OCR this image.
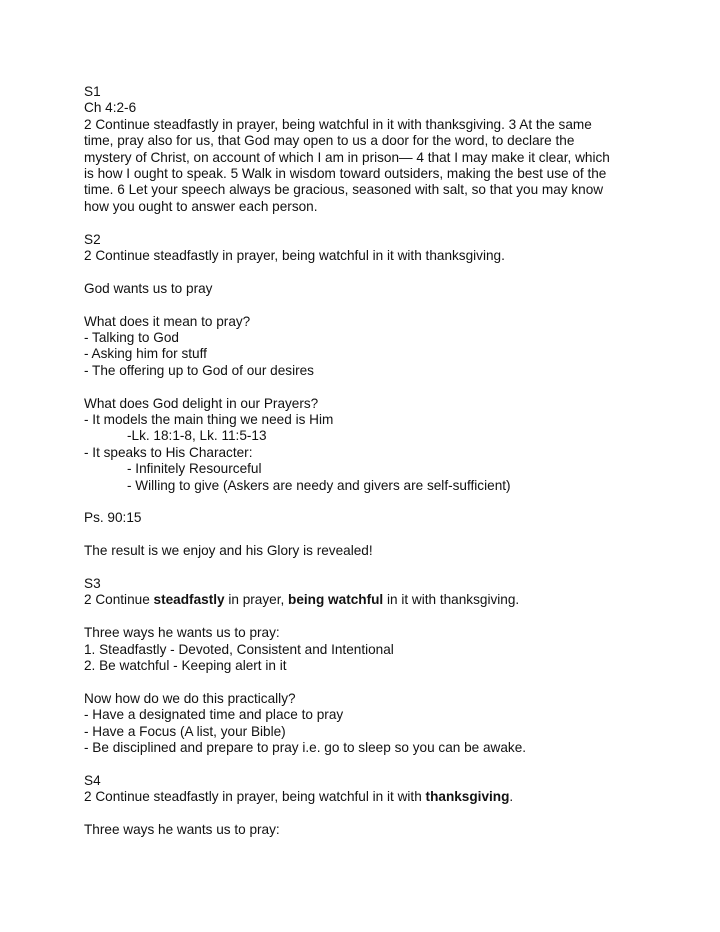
S1
Ch 4:2-6
2 Continue steadfastly in prayer, being watchful in it with thanksgiving. 3 At the same
time, pray also for us, that God may open to us a door for the word, to declare the
mystery of Christ, on account of which I am in prison— 4 that I may make it clear, which
is how I ought to speak. 5 Walk in wisdom toward outsiders, making the best use of the
time. 6 Let your speech always be gracious, seasoned with salt, so that you may know
how you ought to answer each person.
S2
2 Continue steadfastly in prayer, being watchful in it with thanksgiving.
God wants us to pray
What does it mean to pray?
- Talking to God
- Asking him for stuff
- The offering up to God of our desires
What does God delight in our Prayers?
- It models the main thing we need is Him
-Lk. 18:1-8, Lk. 11:5-13
- It speaks to His Character:
- Infinitely Resourceful
- Willing to give (Askers are needy and givers are self-sufficient)
Ps. 90:15
The result is we enjoy and his Glory is revealed!
S3
2 Continue steadfastly in prayer, being watchful in it with thanksgiving.
Three ways he wants us to pray:
1. Steadfastly - Devoted, Consistent and Intentional
2. Be watchful - Keeping alert in it
Now how do we do this practically?
- Have a designated time and place to pray
- Have a Focus (A list, your Bible)
- Be disciplined and prepare to pray i.e. go to sleep so you can be awake.
S4
2 Continue steadfastly in prayer, being watchful in it with thanksgiving.
Three ways he wants us to pray:
